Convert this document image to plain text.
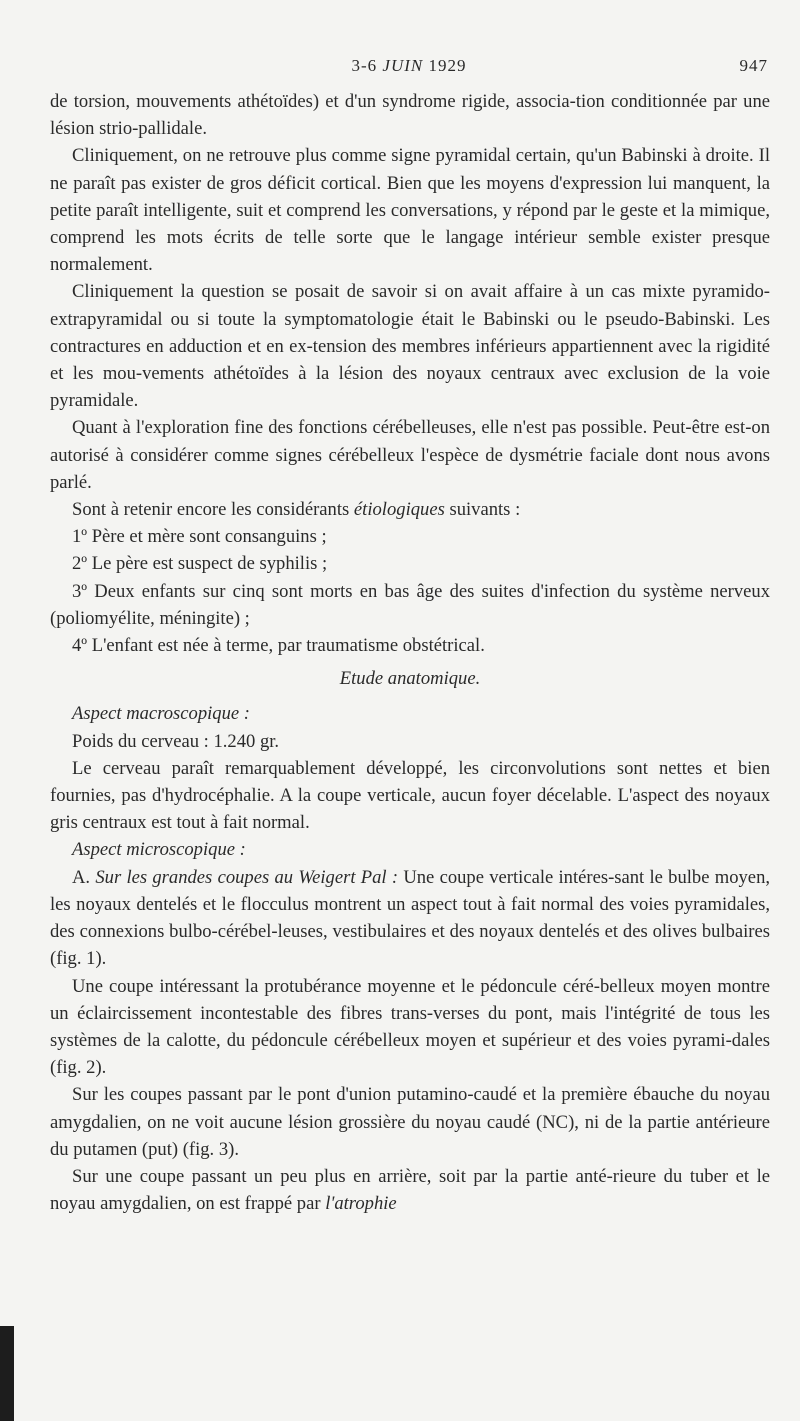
3-6 JUIN 1929	947

de torsion, mouvements athétoïdes) et d'un syndrome rigide, associa-tion conditionnée par une lésion strio-pallidale.

Cliniquement, on ne retrouve plus comme signe pyramidal certain, qu'un Babinski à droite. Il ne paraît pas exister de gros déficit cortical. Bien que les moyens d'expression lui manquent, la petite paraît intelligente, suit et comprend les conversations, y répond par le geste et la mimique, comprend les mots écrits de telle sorte que le langage intérieur semble exister presque normalement.

Cliniquement la question se posait de savoir si on avait affaire à un cas mixte pyramido-extrapyramidal ou si toute la symptomatologie était le Babinski ou le pseudo-Babinski. Les contractures en adduction et en ex-tension des membres inférieurs appartiennent avec la rigidité et les mou-vements athétoïdes à la lésion des noyaux centraux avec exclusion de la voie pyramidale.

Quant à l'exploration fine des fonctions cérébelleuses, elle n'est pas possible. Peut-être est-on autorisé à considérer comme signes cérébelleux l'espèce de dysmétrie faciale dont nous avons parlé.

Sont à retenir encore les considérants étiologiques suivants :

1º Père et mère sont consanguins ;

2º Le père est suspect de syphilis ;

3º Deux enfants sur cinq sont morts en bas âge des suites d'infection du système nerveux (poliomyélite, méningite) ;

4º L'enfant est née à terme, par traumatisme obstétrical.

Etude anatomique.

Aspect macroscopique :

Poids du cerveau : 1.240 gr.

Le cerveau paraît remarquablement développé, les circonvolutions sont nettes et bien fournies, pas d'hydrocéphalie. A la coupe verticale, aucun foyer décelable. L'aspect des noyaux gris centraux est tout à fait normal.

Aspect microscopique :

A. Sur les grandes coupes au Weigert Pal : Une coupe verticale intéres-sant le bulbe moyen, les noyaux dentelés et le flocculus montrent un aspect tout à fait normal des voies pyramidales, des connexions bulbo-cérébel-leuses, vestibulaires et des noyaux dentelés et des olives bulbaires (fig. 1).

Une coupe intéressant la protubérance moyenne et le pédoncule céré-belleux moyen montre un éclaircissement incontestable des fibres trans-verses du pont, mais l'intégrité de tous les systèmes de la calotte, du pédoncule cérébelleux moyen et supérieur et des voies pyrami-dales (fig. 2).

Sur les coupes passant par le pont d'union putamino-caudé et la première ébauche du noyau amygdalien, on ne voit aucune lésion grossière du noyau caudé (NC), ni de la partie antérieure du putamen (put) (fig. 3).

Sur une coupe passant un peu plus en arrière, soit par la partie anté-rieure du tuber et le noyau amygdalien, on est frappé par l'atrophie
